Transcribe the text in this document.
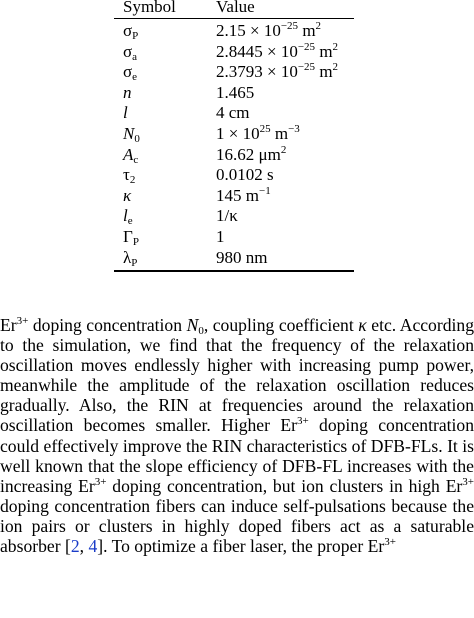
Symbol Value
$\sigma_P$	$2.15 \times 10^{-25}$ $m^2$
$\sigma_a$	$2.8445 \times 10^{-25}$ $m^2$
$\sigma_e$	$2.3793 \times 10^{-25}$ $m^2$
n	1.465
l	4 cm
$N_0$	$1 \times 10^{25}$ $m^{-3}$
$A_c$	16.62 $\mu m^2$
$\tau_2$	0.0102 s
κ	145 $m^{-1}$
$l_e$	1/κ
$\Gamma_P$	1
$\lambda_P$	980 nm

$Er^{3+}$ doping concentration $N_0$, coupling coefficient κ etc. According to the simulation, we find that the frequency of the relaxation oscillation moves endlessly higher with increasing pump power, meanwhile the amplitude of the relaxation oscillation reduces gradually. Also, the RIN at frequencies around the relaxation oscillation becomes smaller. Higher $Er^{3+}$ doping concentration could effectively improve the RIN characteristics of DFB-FLs. It is well known that the slope efficiency of DFB-FL increases with the increasing $Er^{3+}$ doping concentration, but ion clusters in high $Er^{3+}$ doping concentration fibers can induce self-pulsations because the ion pairs or clusters in highly doped fibers act as a saturable absorber [2, 4]. To optimize a fiber laser, the proper $Er^{3+}$
